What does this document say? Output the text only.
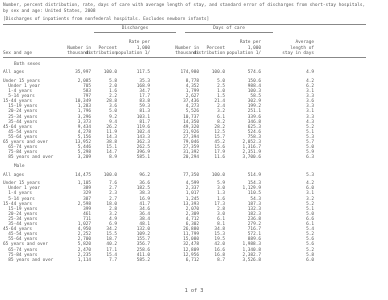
Number, percent distribution, rate, days of care with average length of stay, and standard error of discharges from short-stay hospitals,

by sex and age: United States, 2008

[Discharges of inpatients from nonfederal hospitals. Excludes newborn infants]

Discharges

	Days of care

Number in
thousands
Percent
distribution
Rate per
1,000
population 1/
Number in
thousands
Percent
distribution
Rate per
1,000
population 1/
Average
length of
stay in days
Sex and age

Both sexes
All ages	35,997	100.0	117.5	174,980	100.0	574.6	4.9
Under 15 years	2,085	5.8	35.3	8,778	5.0	150.6	4.2
Under 1 year	705	2.0	168.9	4,352	2.5	988.4	6.2
1-4 years	583	1.6	34.7	1,799	1.0	100.3	3.1
5-14 years	797	2.2	17.7	2,627	1.5	58.5	3.3
15-44 years	10,349	28.8	83.8	37,436	21.4	302.9	3.6
15-19 years	1,283	3.6	59.3	4,273	2.4	199.2	3.3
20-24 years	1,796	5.0	81.3	5,526	3.2	251.1	3.1
25-34 years	3,296	9.2	103.1	10,737	6.1	339.6	3.3
35-44 years	3,373	9.4	81.7	14,350	8.2	346.8	4.3
45-64 years	9,434	26.2	119.6	49,320	28.2	625.3	5.2
45-54 years	4,278	11.9	102.4	21,926	12.5	524.6	5.1
55-64 years	5,156	14.3	143.3	27,394	15.7	758.3	5.3
65 years and over	13,952	38.8	362.3	79,046	45.2	2,052.3	5.7
65-74 years	5,446	15.1	262.5	27,359	15.6	1,316.7	5.0
75-84 years	5,298	14.7	396.9	31,392	17.9	2,351.9	5.9
85 years and over	3,209	8.9	585.1	20,294	11.6	3,700.6	6.3
Male
All ages	14,475	100.0	96.2	77,350	100.0	514.9	5.3
Under 15 years	1,105	7.6	36.6	4,599	5.9	154.3	4.2
Under 1 year	389	2.7	182.5	2,337	3.0	1,129.9	6.0
1-4 years	329	2.3	38.3	1,017	1.3	110.5	3.1
5-14 years	387	2.7	16.9	1,245	1.6	54.3	3.2
15-44 years	2,598	18.0	41.7	13,393	17.3	187.3	5.2
15-19 years	399	2.8	34.6	2,070	2.8	132.3	5.1
20-24 years	461	3.2	36.4	2,309	3.0	182.3	5.0
25-34 years	711	4.9	38.4	4,712	6.1	236.8	6.6
35-44 years	1,027	6.9	48.1	6,302	8.1	279.2	6.1
45-64 years	4,950	34.2	132.0	26,880	34.8	716.7	5.4
45-54 years	2,252	15.5	109.2	11,799	15.3	572.1	5.2
55-64 years	2,700	18.7	155.7	15,080	19.5	889.6	5.6
65 years and over	5,820	40.2	356.7	32,478	42.0	1,988.3	5.6
65-74 years	2,470	17.1	258.6	12,809	16.6	1,340.8	5.2
75-84 years	2,235	15.4	411.0	12,956	16.8	2,382.7	5.8
85 years and over	1,114	7.7	585.2	6,712	8.7	3,526.8	6.0

1 of 3
